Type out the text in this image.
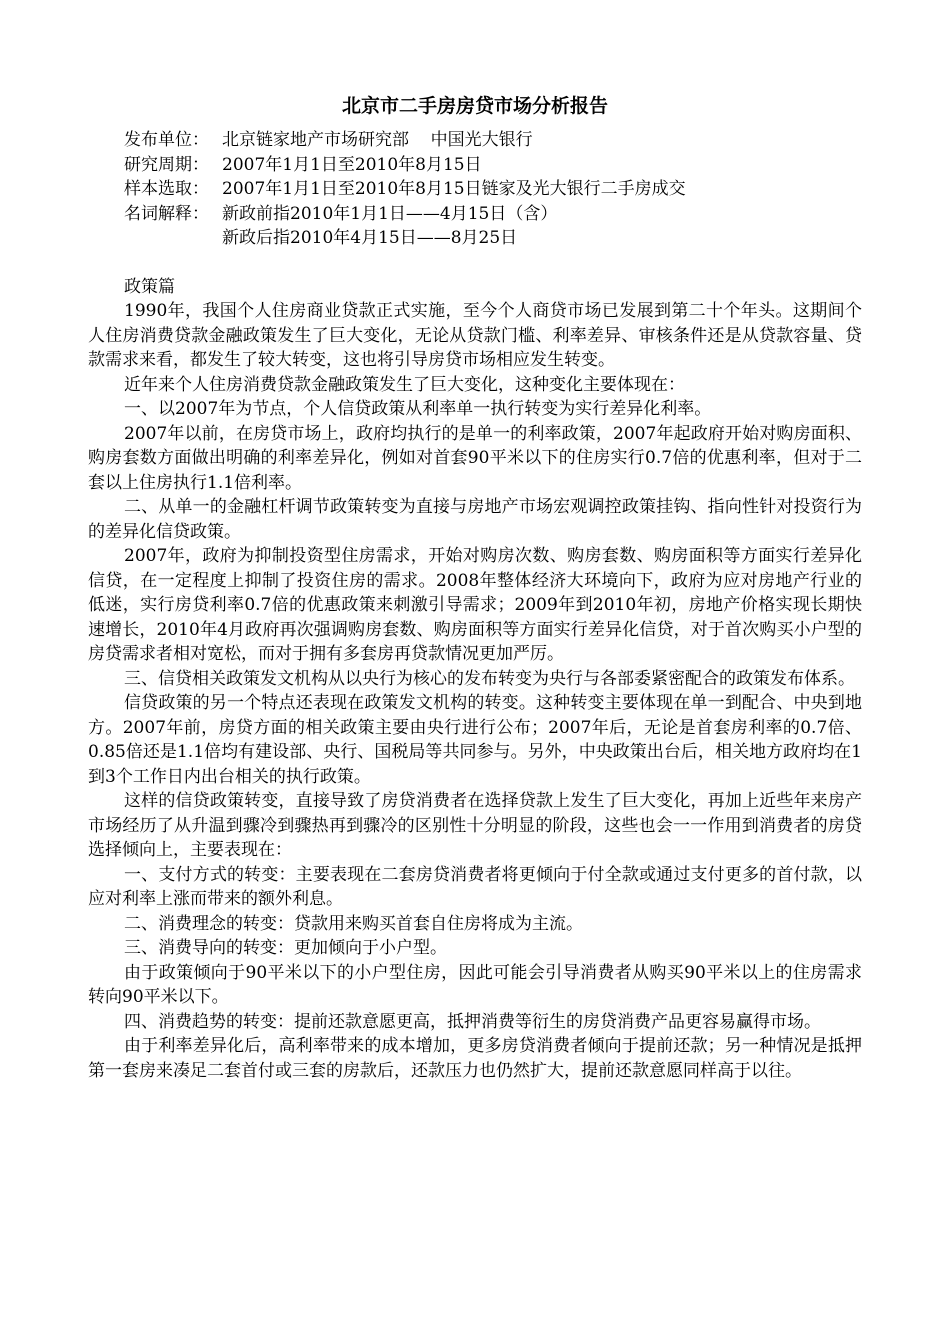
北京市二手房房贷市场分析报告
发布单位： 北京链家地产市场研究部    中国光大银行
研究周期： 2007年1月1日至2010年8月15日
样本选取： 2007年1月1日至2010年8月15日链家及光大银行二手房成交
名词解释： 新政前指2010年1月1日——4月15日（含）
新政后指2010年4月15日——8月25日
政策篇

1990年，我国个人住房商业贷款正式实施，至今个人商贷市场已发展到第二十个年头。这期间个人住房消费贷款金融政策发生了巨大变化，无论从贷款门槛、利率差异、审核条件还是从贷款容量、贷款需求来看，都发生了较大转变，这也将引导房贷市场相应发生转变。

近年来个人住房消费贷款金融政策发生了巨大变化，这种变化主要体现在：

一、以2007年为节点，个人信贷政策从利率单一执行转变为实行差异化利率。

2007年以前，在房贷市场上，政府均执行的是单一的利率政策，2007年起政府开始对购房面积、购房套数方面做出明确的利率差异化，例如对首套90平米以下的住房实行0.7倍的优惠利率，但对于二套以上住房执行1.1倍利率。

二、从单一的金融杠杆调节政策转变为直接与房地产市场宏观调控政策挂钩、指向性针对投资行为的差异化信贷政策。

2007年，政府为抑制投资型住房需求，开始对购房次数、购房套数、购房面积等方面实行差异化信贷，在一定程度上抑制了投资住房的需求。2008年整体经济大环境向下，政府为应对房地产行业的低迷，实行房贷利率0.7倍的优惠政策来刺激引导需求；2009年到2010年初，房地产价格实现长期快速增长，2010年4月政府再次强调购房套数、购房面积等方面实行差异化信贷，对于首次购买小户型的房贷需求者相对宽松，而对于拥有多套房再贷款情况更加严厉。

三、信贷相关政策发文机构从以央行为核心的发布转变为央行与各部委紧密配合的政策发布体系。

信贷政策的另一个特点还表现在政策发文机构的转变。这种转变主要体现在单一到配合、中央到地方。2007年前，房贷方面的相关政策主要由央行进行公布；2007年后，无论是首套房利率的0.7倍、0.85倍还是1.1倍均有建设部、央行、国税局等共同参与。另外，中央政策出台后，相关地方政府均在1到3个工作日内出台相关的执行政策。

这样的信贷政策转变，直接导致了房贷消费者在选择贷款上发生了巨大变化，再加上近些年来房产市场经历了从升温到骤冷到骤热再到骤冷的区别性十分明显的阶段，这些也会一一作用到消费者的房贷选择倾向上，主要表现在：

一、支付方式的转变：主要表现在二套房贷消费者将更倾向于付全款或通过支付更多的首付款，以应对利率上涨而带来的额外利息。

二、消费理念的转变：贷款用来购买首套自住房将成为主流。

三、消费导向的转变：更加倾向于小户型。

由于政策倾向于90平米以下的小户型住房，因此可能会引导消费者从购买90平米以上的住房需求转向90平米以下。

四、消费趋势的转变：提前还款意愿更高，抵押消费等衍生的房贷消费产品更容易赢得市场。

由于利率差异化后，高利率带来的成本增加，更多房贷消费者倾向于提前还款；另一种情况是抵押第一套房来凑足二套首付或三套的房款后，还款压力也仍然扩大，提前还款意愿同样高于以往。
